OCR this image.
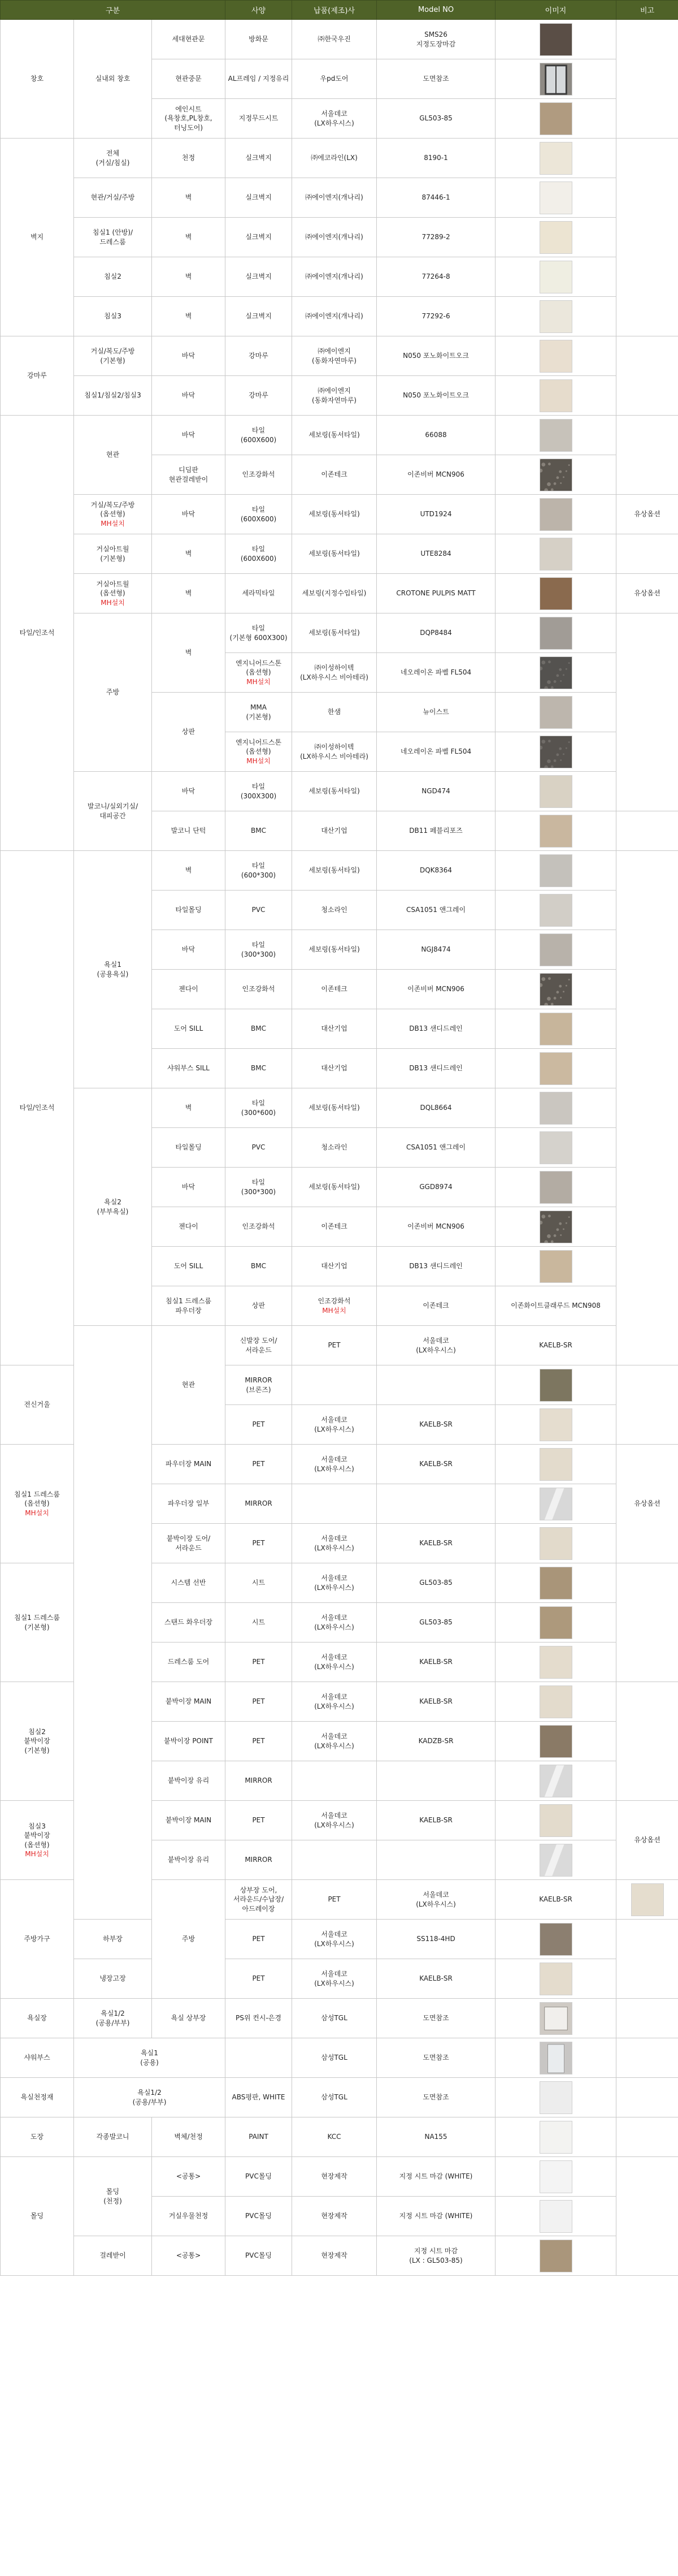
구분			사양	납품(제조)사	Model NO	이미지	비고	
창호	실내외 창호	세대현관문	방화문	㈜한국우진	SMS26
지정도장마감	

		현관중문	AL프레임 / 지정유리	우pd도어	도면참조	

		에인시트
(욕창호,PL창호,
터닝도어)	지정무드시트	서울데코
(LX하우시스)	GL503-85	

벽지	전체
(거실/침실)	천정	실크벽지	㈜에코라인(LX)	8190-1	

	현관/거실/주방	벽	실크벽지	㈜에이엔지(개나리)	87446-1	

	침실1 (안방)/
드레스룸	벽	실크벽지	㈜에이엔지(개나리)	77289-2	

	침실2	벽	실크벽지	㈜에이엔지(개나리)	77264-8	

	침실3	벽	실크벽지	㈜에이엔지(개나리)	77292-6	

강마루	거실/복도/주방
(기본형)	바닥	강마루	㈜에이엔지
(동화자연마루)	N050 포노화이트오크	

	침실1/침실2/침실3	바닥	강마루	㈜에이엔지
(동화자연마루)	N050 포노화이트오크	

타일/인조석	현관	바닥	타일
(600X600)	세보링(동서타일)	66088	

		디딤판
현관걸레받이	인조강화석	이존테크	이존비버 MCN906	

	거실/복도/주방
(옵션형)
MH설치	바닥	타일
(600X600)	세보링(동서타일)	UTD1924		유상옵션	
	거실아트월
(기본형)	벽	타일
(600X600)	세보링(동서타일)	UTE8284	

	거실아트월
(옵션형)
MH설치	벽	세라믹타일	세보링(지정수입타일)	CROTONE PULPIS MATT		유상옵션	
	주방	벽	타일
(기본형 600X300)	세보링(동서타일)	DQP8484	

			엔지니어드스톤
(옵션형)
MH설치	㈜이성하이텍
(LX하우시스 비아테라)	네오레이온 파벨 FL504	

		상판	MMA
(기본형)	한샘	뉴이스트	

			엔지니어드스톤
(옵션형)
MH설치	㈜이성하이텍
(LX하우시스 비아테라)	네오레이온 파벨 FL504	

	발코니/실외기실/
대피공간	바닥	타일
(300X300)	세보링(동서타일)	NGD474	

		발코니 단턱	BMC	대산기업	DB11 페블리포즈	

타일/인조석	욕실1
(공용욕실)	벽	타일
(600*300)	세보링(동서타일)	DQK8364	

		타일몰딩	PVC	청소라인	CSA1051 앤그레이	

		바닥	타일
(300*300)	세보링(동서타일)	NGJ8474	

		젠다이	인조강화석	이존테크	이존비버 MCN906	

		도어 SILL	BMC	대산기업	DB13 샌디드레인	

		샤워부스 SILL	BMC	대산기업	DB13 샌디드레인	

	욕실2
(부부욕실)	벽	타일
(300*600)	세보링(동서타일)	DQL8664	

		타일몰딩	PVC	청소라인	CSA1051 앤그레이	

		바닥	타일
(300*300)	세보링(동서타일)	GGD8974	

		젠다이	인조강화석	이존테크	이존비버 MCN906	

		도어 SILL	BMC	대산기업	DB13 샌디드레인	

		침실1 드레스룸
파우더장	상판	인조강화석
MH설치	이존테크	이존화이트클래루드 MCN908	

		현관	신발장 도어/
서라운드	PET	서울데코
(LX하우시스)	KAELB-SR	

전신거울			MIRROR
(브론즈)			

			PET	서울데코
(LX하우시스)	KAELB-SR	

침실1 드레스룸
(옵션형)
MH설치		파우더장 MAIN	PET	서울데코
(LX하우시스)	KAELB-SR		유상옵션	
		파우더장 일부	MIRROR			

		붙박이장 도어/
서라운드	PET	서울데코
(LX하우시스)	KAELB-SR	

침실1 드레스룸
(기본형)		시스템 선반	시트	서울데코
(LX하우시스)	GL503-85	

		스탠드 화우더장	시트	서울데코
(LX하우시스)	GL503-85	

		드레스룸 도어	PET	서울데코
(LX하우시스)	KAELB-SR	

침실2
붙박이장
(기본형)		붙박이장 MAIN	PET	서울데코
(LX하우시스)	KAELB-SR	

		붙박이장 POINT	PET	서울데코
(LX하우시스)	KADZB-SR	

		붙박이장 유리	MIRROR			

침실3
붙박이장
(옵션형)
MH설치		붙박이장 MAIN	PET	서울데코
(LX하우시스)	KAELB-SR		유상옵션	
		붙박이장 유리	MIRROR			

주방가구		주방	상부장 도어,
서라운드/수납장/
아드레이장	PET	서울데코
(LX하우시스)	KAELB-SR	

	하부장		PET	서울데코
(LX하우시스)	SS118-4HD	

	냉장고장		PET	서울데코
(LX하우시스)	KAELB-SR	

욕실장	욕실1/2
(공용/부부)	욕실 상부장	PS위 컨시-은경	삼성TGL	도면참조	

샤워부스	욕실1
(공용)			삼성TGL	도면참조	

욕실천정재	욕실1/2
(공용/부부)		ABS평판, WHITE	삼성TGL	도면참조	

도장	각종발코니	벽체/천정	PAINT	KCC	NA155	

몰딩	몰딩
(천정)	<공통>	PVC몰딩	현장제작	지정 시트 마감 (WHITE)	

		거실우물천정	PVC몰딩	현장제작	지정 시트 마감 (WHITE)	

	걸레받이	<공통>	PVC몰딩	현장제작	지정 시트 마감
(LX : GL503-85)	
